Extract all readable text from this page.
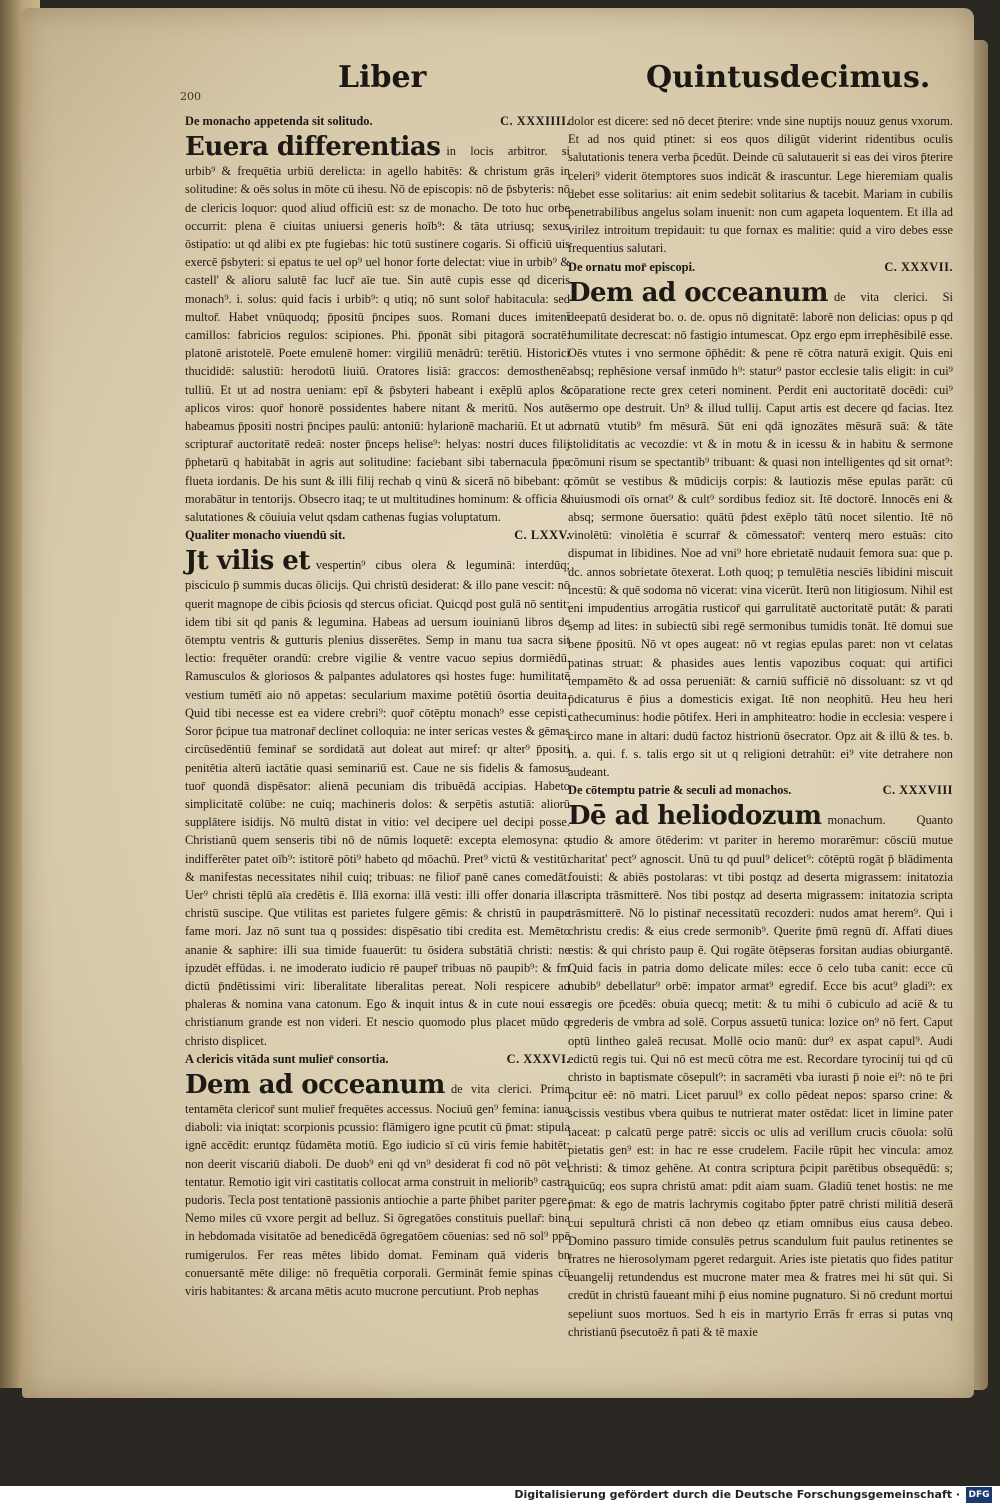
Liber	Quintusdecimus.
200
C. XXXIIII.
De monacho appetenda sit solitudo.

Euera differentias in locis arbitror. si urbib⁹ & frequētia urbiū derelicta: in agello habitēs: & christum grās in solitudine: & oēs solus in mōte cū ihesu. Nō de episcopis: nō de p̄sbyteris: nō de clericis loquor: quod aliud officiū est: sz de monacho. De toto huc orbe occurrit: plena ē ciuitas uniuersi generis hoīb⁹: & tāta utriusq; sexus ōstipatio: ut qd alibi ex pte fugiebas: hic totū sustinere cogaris. Si officiū uis exercē p̄sbyteri: si epatus te uel op⁹ uel honor forte delectat: viue in urbib⁹ & castell' & alioru salutē fac lucr̄ aīe tue. Sin autē cupis esse qd diceris monach⁹. i. solus: quid facis i urbib⁹: q utiq; nō sunt solor̄ habitacula: sed multor̄. Habet vnūquodq; p̄positū p̄ncipes suos. Romani duces imitent̄ camillos: fabricios regulos: scipiones. Phi. p̄ponāt sibi pitagorā socratē: platonē aristotelē. Poete emulenē homer: virgiliū menādrū: terētiū. Historici thucididē: salustiū: herodotū liuiū. Oratores lisiā: graccos: demosthenē: tulliū. Et ut ad nostra ueniam: epī & p̄sbyteri habeant i exēplū aplos & aplicos viros: quor̄ honorē possidentes habere nitant & meritū. Nos autē habeamus p̄positi nostri p̄ncipes paulū: antoniū: hylarionē machariū. Et ut ad scripturar̄ auctoritatē redeā: noster p̄nceps helise⁹: helyas: nostri duces filij p̄phetarū q habitabāt in agris aut solitudine: faciebant sibi tabernacula p̄pe flueta iordanis. De his sunt & illi filij rechab q vinū & sicerā nō bibebant: q morabātur in tentorijs. Obsecro itaq; te ut multitudines hominum: & officia & salutationes & cōuiuia velut qsdam cathenas fugias voluptatum.

C. LXXV.
Qualiter monacho viuendū sit.

Jt vilis et vespertin⁹ cibus olera & leguminā: interdūq; pisciculo p̄ summis ducas ōlicijs. Qui christū desiderat: & illo pane vescit: nō querit magnope de cibis p̄ciosis qd stercus oficiat. Quicqd post gulā nō sentit: idem tibi sit qd panis & legumina. Habeas ad uersum iouinianū libros de ōtemptu ventris & gutturis plenius disserētes. Semp in manu tua sacra sit lectio: frequēter orandū: crebre vigilie & ventre vacuo sepius dormiēdū. Ramusculos & gloriosos & palpantes adulatores qsi hostes fuge: humilitatē vestium tumētī aio nō appetas: secularium maxime potētiū ōsortia deuita. Quid tibi necesse est ea videre crebri⁹: quor̄ cōtēptu monach⁹ esse cepisti. Soror p̄cipue tua matronar̄ declinet colloquia: ne inter sericas vestes & gēmas circūsedēntiū feminar̄ se sordidatā aut doleat aut miref: qr alter⁹ p̄positi penitētia alterū iactātie quasi seminariū est. Caue ne sis fidelis & famosus tuor̄ quondā dispēsator: alienā pecuniam dis tribuēdā accipias. Habeto simplicitatē colūbe: ne cuiq; machineris dolos: & serpētis astutiā: aliorū supplātere isidijs. Nō multū distat in vitio: vel decipere uel decipi posse. Christianū quem senseris tibi nō de nūmis loquetē: excepta elemosyna: q indifferēter patet oīb⁹: istitorē pōti⁹ habeto qd mōachū. Pret⁹ victū & vestitū: & manifestas necessitates nihil cuiq; tribuas: ne filior̄ panē canes comedāt. Uer⁹ christi tēplū aīa credētis ē. Illā exorna: illā vesti: illi offer donaria illa christū suscipe. Que vtilitas est parietes fulgere gēmis: & christū in paupe fame mori. Jaz nō sunt tua q possides: dispēsatio tibi credita est. Memēto ananie & saphire: illi sua timide fuauerūt: tu ōsidera substātiā christi: ne ipzudēt effūdas. i. ne imoderato iudicio rē pauper̄ tribuas nō paupib⁹: & fm dictū p̄ndētissimi viri: liberalitate liberalitas pereat. Noli respicere ad phaleras & nomina vana catonum. Ego & inquit intus & in cute noui esse christianum grande est non videri. Et nescio quomodo plus placet mūdo q christo displicet.

C. XXXVI.
A clericis vitāda sunt mulier̄ consortia.

Dem ad occeanum de vita clerici. Prima tentamēta clericor̄ sunt mulier̄ frequētes accessus. Nociuū gen⁹ femina: ianua diaboli: via iniqtat: scorpionis pcussio: flāmigero igne pcutit cū p̄mat: stipula ignē accēdit: eruntqz fūdamēta motiū. Ego iudicio sī cū viris femie habitēt: non deerit viscariū diaboli. De duob⁹ eni qd vn⁹ desiderat fi cod nō pōt vel tentatur. Remotio igit viri castitatis collocat arma construit in meliorib⁹ castra pudoris. Tecla post tentationē passionis antiochie a parte p̄hibet pariter pgere. Nemo miles cū vxore pergit ad belluz. Si ōgregatōes constituis puellar̄: bina in hebdomada visitatōe ad benedicēdā ōgregatōem cōuenias: sed nō sol⁹ ppē rumigerulos. Fer reas mētes libido domat. Feminam quā videris bn conuersantē mēte dilige: nō frequētia corporali. Germināt femie spinas cū viris habitantes: & arcana mētis acuto mucrone percutiunt. Prob nephas

dolor est dicere: sed nō decet p̄terire: vnde sine nuptijs nouuz genus vxorum. Et ad nos quid ptinet: si eos quos diligūt viderint ridentibus oculis salutationis tenera verba p̄cedūt. Deinde cū salutauerit si eas dei viros p̄terire celeri⁹ viderit ōtemptores suos indicāt & irascuntur. Lege hieremiam qualis debet esse solitarius: ait enim sedebit solitarius & tacebit. Mariam in cubilis penetrabilibus angelus solam inuenit: non cum agapeta loquentem. Et illa ad virilez introitum trepidauit: tu que fornax es malitie: quid a viro debes esse frequentius salutari.

C. XXXVII.
De ornatu mor̄ episcopi.

Dem ad occeanum de vita clerici. Si deepatū desiderat bo. o. de. opus nō dignitatē: laborē non delicias: opus p qd humilitate decrescat: nō fastigio intumescat. Opz ergo epm irrephēsibilē esse. Oēs vtutes i vno sermone ōp̄hēdit: & pene rē cōtra naturā exigit. Quis eni absq; rephēsione versaf inmūdo h⁹: statur⁹ pastor ecclesie talis eligit: in cui⁹ cōparatione recte grex ceteri nominent. Perdit eni auctoritatē docēdi: cui⁹ sermo ope destruit. Un⁹ & illud tullij. Caput artis est decere qd facias. Itez ornatū vtutib⁹ fm mēsurā. Sūt eni qdā ignozātes mēsurā suā: & tāte stoliditatis ac vecozdie: vt & in motu & in icessu & in habitu & sermone cōmuni risum se spectantib⁹ tribuant: & quasi non intelligentes qd sit ornat⁹: cōmūt se vestibus & mūdicijs corpis: & lautiozis mēse epulas parāt: cū huiusmodi oīs ornat⁹ & cult⁹ sordibus fedioz sit. Itē doctorē. Innocēs eni & absq; sermone ōuersatio: quātū p̄dest exēplo tātū nocet silentio. Itē nō vinolētū: vinolētia ē scurrar̄ & cōmessator̄: venterq mero estuās: cito dispumat in libidines. Noe ad vni⁹ hore ebrietatē nudauit femora sua: que p. dc. annos sobrietate ōtexerat. Loth quoq; p temulētia nesciēs libidini miscuit incestū: & quē sodoma nō vicerat: vina vicerūt. Iterū non litigiosum. Nihil est eni impudentius arrogātia rusticor̄ qui garrulitatē auctoritatē putāt: & parati semp ad lites: in subiectū sibi regē sermonibus tumidis tonāt. Itē domui sue bene p̄positū. Nō vt opes augeat: nō vt regias epulas paret: non vt celatas patinas struat: & phasides aues lentis vapozibus coquat: qui artifici tempamēto & ad ossa perueniāt: & carniū sufficiē nō dissoluant: sz vt qd p̄dicaturus ē p̄ius a domesticis exigat. Itē non neophitū. Heu heu heri cathecuminus: hodie pōtifex. Heri in amphiteatro: hodie in ecclesia: vespere i circo mane in altari: dudū factoz histrionū ōsecrator. Opz ait & illū & tes. b. h. a. qui. f. s. talis ergo sit ut q religioni detrahūt: ei⁹ vite detrahere non audeant.

C. XXXVIII
De cōtemptu patrie & seculi ad monachos.

Dē ad heliodozum monachum. Quanto studio & amore ōtēderim: vt pariter in heremo morarēmur: cōsciū mutue charitat' pect⁹ agnoscit. Unū tu qd puul⁹ delicet⁹: cōtēptū rogāt p̄ blādimenta fouisti: & abiēs postolaras: vt tibi postqz ad deserta migrassem: initatozia scripta trāsmitterē. Nos tibi postqz ad deserta migrassem: initatozia scripta trāsmitterē. Nō lo pistinar̄ necessitatū recozderi: nudos amat herem⁹. Qui i christu credis: & eius crede sermonib⁹. Querite p̄mū regnū dī. Affati diues estis: & qui christo paup ē. Qui rogāte ōtēpseras forsitan audias obiurgantē. Quid facis in patria domo delicate miles: ecce ō celo tuba canit: ecce cū nubib⁹ debellatur⁹ orbē: impator armat⁹ egredif. Ecce bis acut⁹ gladi⁹: ex regis ore p̄cedēs: obuia quecq; metit: & tu mihi ō cubiculo ad aciē & tu egrederis de vmbra ad solē. Corpus assuetū tunica: lozice on⁹ nō fert. Caput optū lintheo galeā recusat. Mollē ocio manū: dur⁹ ex aspat capul⁹. Audi edictū regis tui. Qui nō est mecū cōtra me est. Recordare tyrocinij tui qd cū christo in baptismate cōsepult⁹: in sacramēti vba iurasti p̄ noie ei⁹: nō te p̄ri pcitur eē: nō matri. Licet paruul⁹ ex collo pēdeat nepos: sparso crine: & scissis vestibus vbera quibus te nutrierat mater ostēdat: licet in limine pater iaceat: p calcatū perge patrē: siccis oc ulis ad verillum crucis cōuola: solū pietatis gen⁹ est: in hac re esse crudelem. Facile rūpit hec vincula: amoz christi: & timoz gehēne. At contra scriptura p̄cipit parētibus obsequēdū: s; quicūq; eos supra christū amat: pdit aiam suam. Gladiū tenet hostis: ne me p̄mat: & ego de matris lachrymis cogitabo p̄pter patrē christi militiā deserā cui sepulturā christi cā non debeo qz etiam omnibus eius causa debeo. Domino passuro timide consulēs petrus scandulum fuit paulus retinentes se fratres ne hierosolymam pgeret redarguit. Aries iste pietatis quo fides patitur euangelij retundendus est mucrone mater mea & fratres mei hi sūt qui. Si credūt in christū faueant mihi p̄ eius nomine pugnaturo. Si nō credunt mortui sepeliunt suos mortuos. Sed h eis in martyrio Errās fr erras si putas vnq christianū p̄secutoēz ñ pati & tē maxie

Digitalisierung gefördert durch die Deutsche Forschungsgemeinschaft · DFG
